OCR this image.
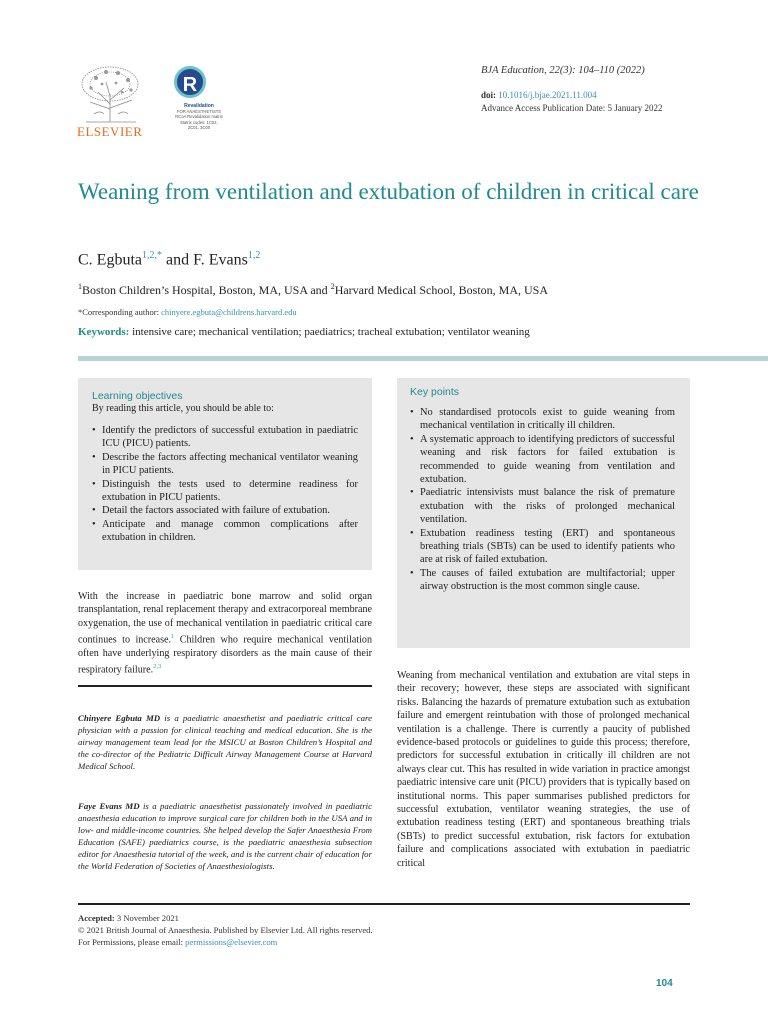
ELSEVIER
R
Revalidation
FOR ANAESTHETISTS
RCoA Revalidation matrix
Matrix codes: 1C02,
2C01, 3C00
BJA Education, 22(3): 104–110 (2022)
doi: 10.1016/j.bjae.2021.11.004
Advance Access Publication Date: 5 January 2022
Weaning from ventilation and extubation of children in critical care
C. Egbuta$^{1,2,*}$ and F. Evans$^{1,2}$
$^1$Boston Children’s Hospital, Boston, MA, USA and $^2$Harvard Medical School, Boston, MA, USA
*Corresponding author: chinyere.egbuta@childrens.harvard.edu
Keywords: intensive care; mechanical ventilation; paediatrics; tracheal extubation; ventilator weaning
Learning objectives
By reading this article, you should be able to:
• Identify the predictors of successful extubation in paediatric ICU (PICU) patients.
• Describe the factors affecting mechanical ventilator weaning in PICU patients.
• Distinguish the tests used to determine readiness for extubation in PICU patients.
• Detail the factors associated with failure of extubation.
• Anticipate and manage common complications after extubation in children.
Key points
• No standardised protocols exist to guide weaning from mechanical ventilation in critically ill children.
• A systematic approach to identifying predictors of successful weaning and risk factors for failed extubation is recommended to guide weaning from ventilation and extubation.
• Paediatric intensivists must balance the risk of premature extubation with the risks of prolonged mechanical ventilation.
• Extubation readiness testing (ERT) and spontaneous breathing trials (SBTs) can be used to identify patients who are at risk of failed extubation.
• The causes of failed extubation are multifactorial; upper airway obstruction is the most common single cause.
With the increase in paediatric bone marrow and solid organ transplantation, renal replacement therapy and extracorporeal membrane oxygenation, the use of mechanical ventilation in paediatric critical care continues to increase.$^1$ Children who require mechanical ventilation often have underlying respiratory disorders as the main cause of their respiratory failure.$^{2,3}$
Chinyere Egbuta MD is a paediatric anaesthetist and paediatric critical care physician with a passion for clinical teaching and medical education. She is the airway management team lead for the MSICU at Boston Children’s Hospital and the co-director of the Pediatric Difficult Airway Management Course at Harvard Medical School.
Faye Evans MD is a paediatric anaesthetist passionately involved in paediatric anaesthesia education to improve surgical care for children both in the USA and in low- and middle-income countries. She helped develop the Safer Anaesthesia From Education (SAFE) paediatrics course, is the paediatric anaesthesia subsection editor for Anaesthesia tutorial of the week, and is the current chair of education for the World Federation of Societies of Anaesthesiologists.
Weaning from mechanical ventilation and extubation are vital steps in their recovery; however, these steps are associated with significant risks. Balancing the hazards of premature extubation such as extubation failure and emergent reintubation with those of prolonged mechanical ventilation is a challenge. There is currently a paucity of published evidence-based protocols or guidelines to guide this process; therefore, predictors for successful extubation in critically ill children are not always clear cut. This has resulted in wide variation in practice amongst paediatric intensive care unit (PICU) providers that is typically based on institutional norms. This paper summarises published predictors for successful extubation, ventilator weaning strategies, the use of extubation readiness testing (ERT) and spontaneous breathing trials (SBTs) to predict successful extubation, risk factors for extubation failure and complications associated with extubation in paediatric critical
Accepted: 3 November 2021
© 2021 British Journal of Anaesthesia. Published by Elsevier Ltd. All rights reserved.
For Permissions, please email: permissions@elsevier.com
104
